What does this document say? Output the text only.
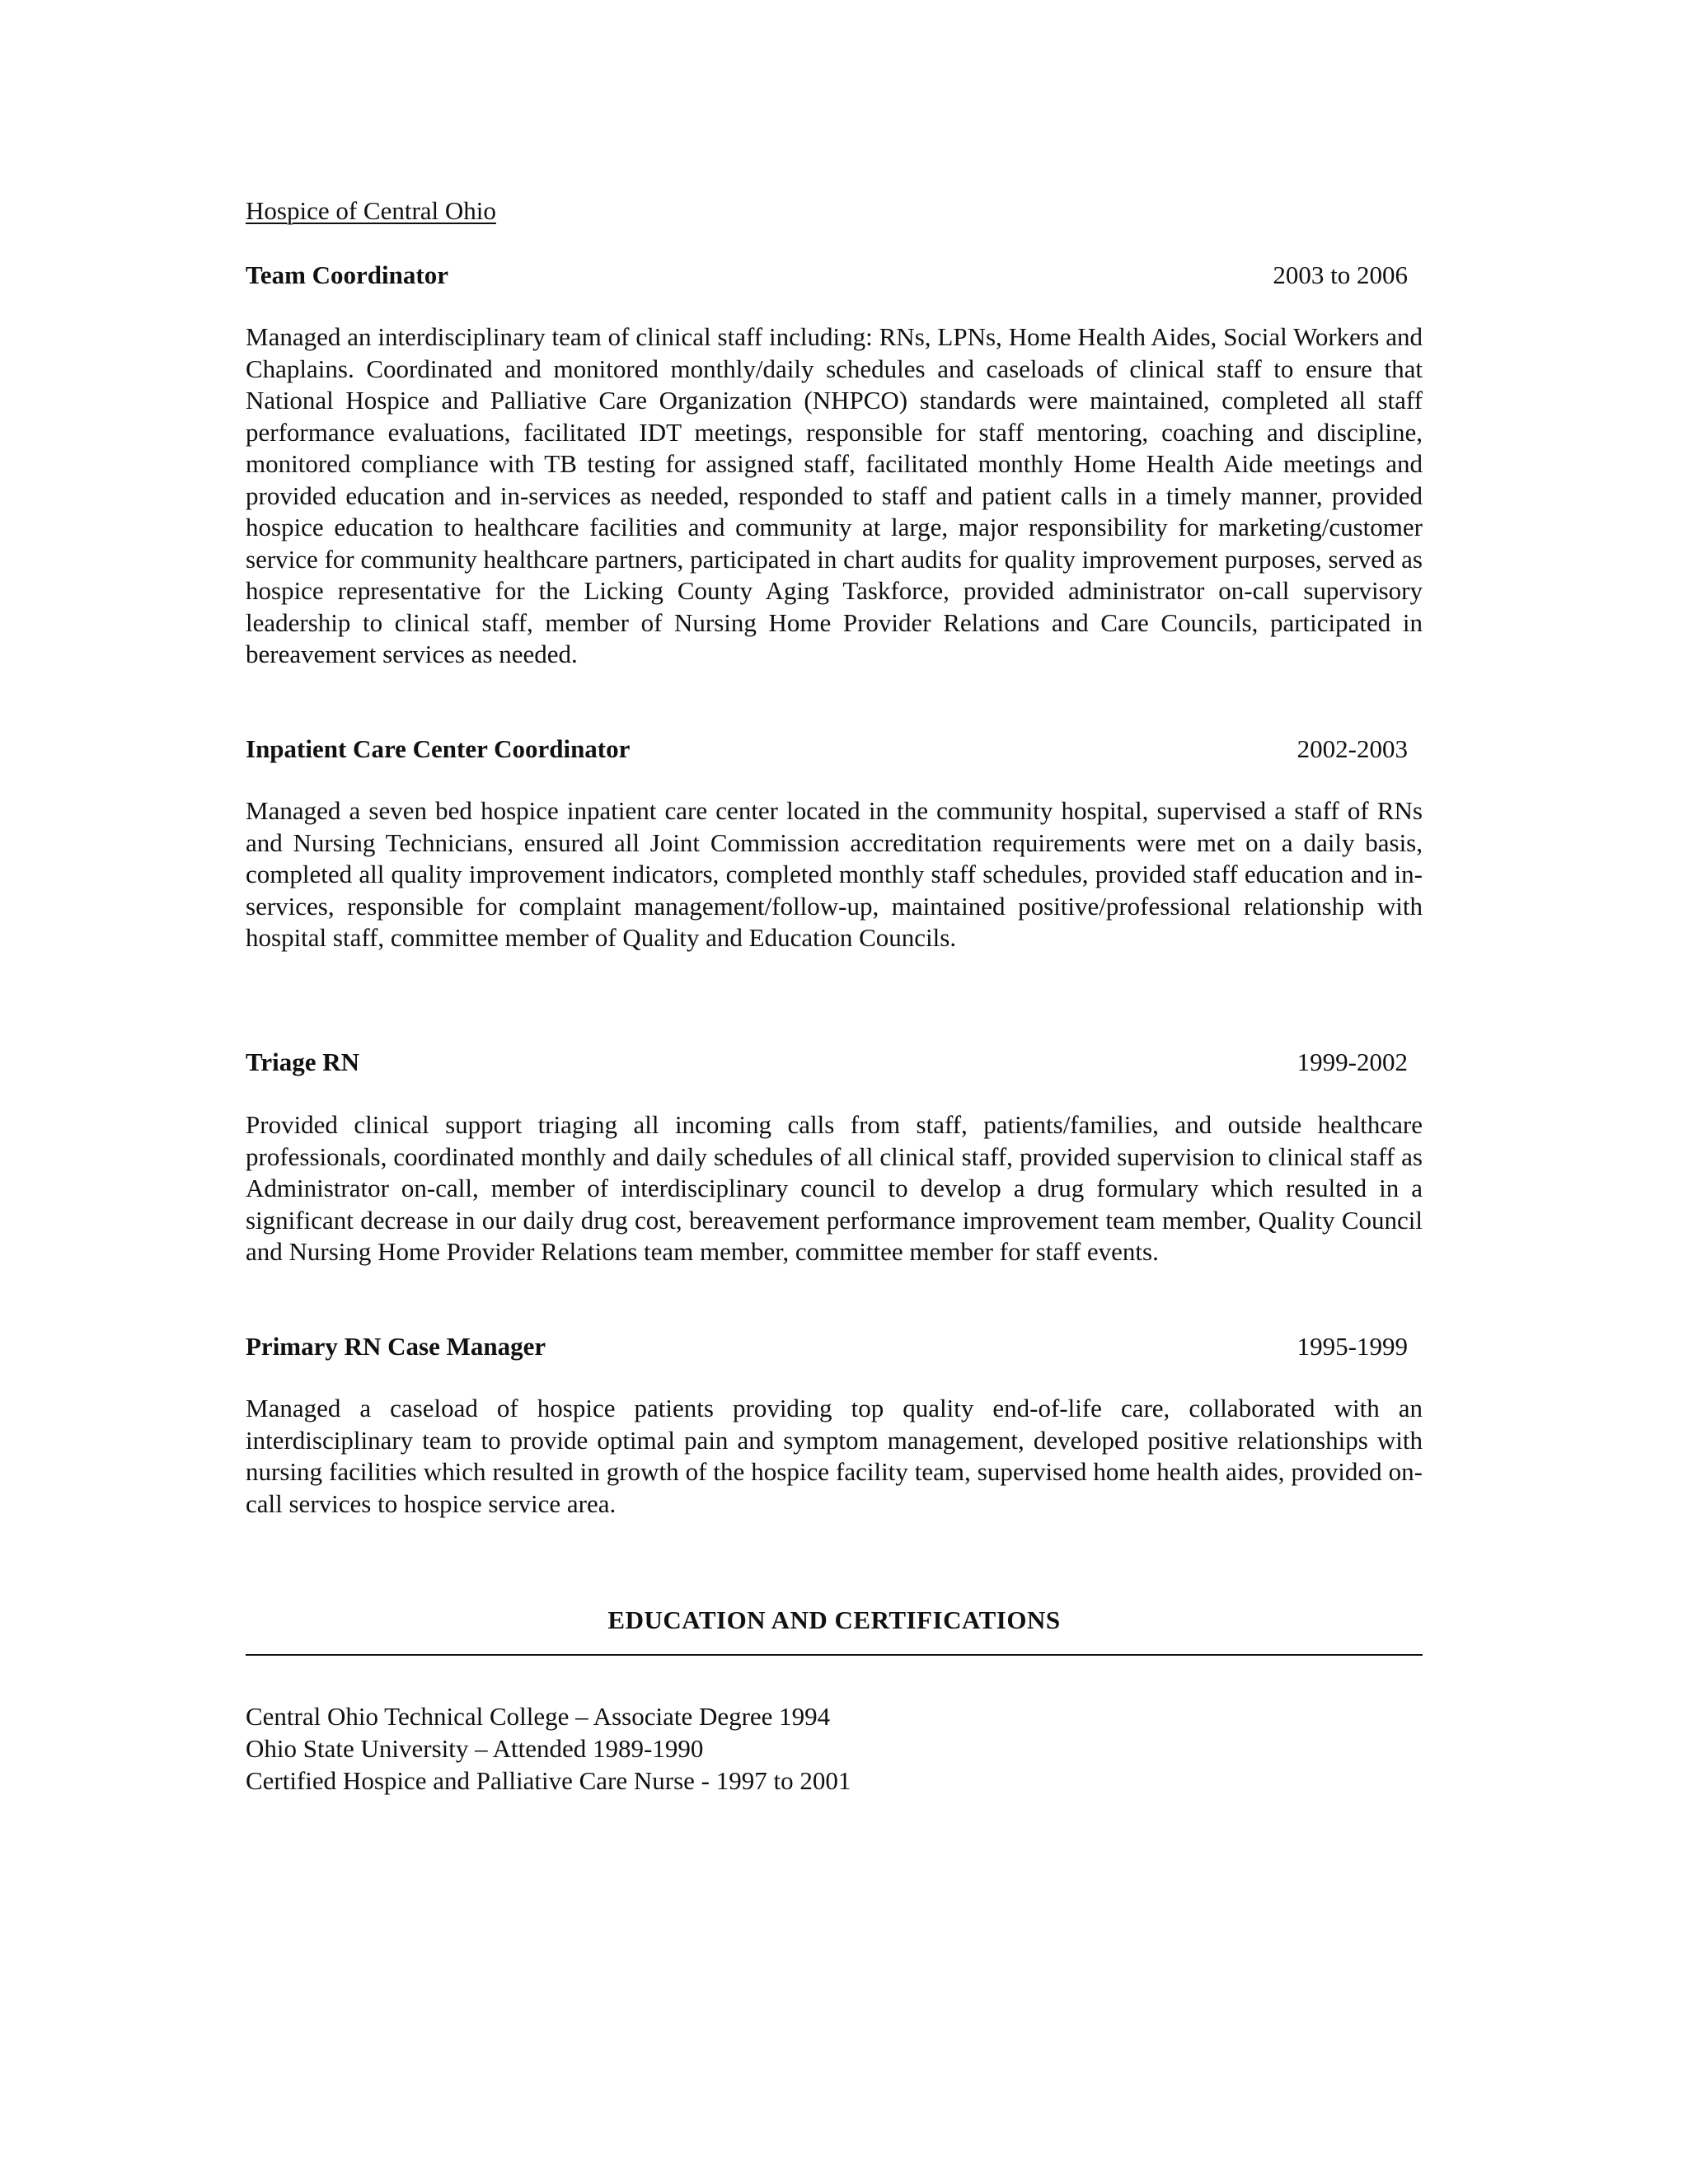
Hospice of Central Ohio
Team Coordinator	2003 to 2006

Managed an interdisciplinary team of clinical staff including: RNs, LPNs, Home Health Aides, Social Workers and Chaplains. Coordinated and monitored monthly/daily schedules and caseloads of clinical staff to ensure that National Hospice and Palliative Care Organization (NHPCO) standards were maintained, completed all staff performance evaluations, facilitated IDT meetings, responsible for staff mentoring, coaching and discipline, monitored compliance with TB testing for assigned staff, facilitated monthly Home Health Aide meetings and provided education and in-services as needed, responded to staff and patient calls in a timely manner, provided hospice education to healthcare facilities and community at large, major responsibility for marketing/customer service for community healthcare partners, participated in chart audits for quality improvement purposes, served as hospice representative for the Licking County Aging Taskforce, provided administrator on-call supervisory leadership to clinical staff, member of Nursing Home Provider Relations and Care Councils, participated in bereavement services as needed.

Inpatient Care Center Coordinator	2002-2003

Managed a seven bed hospice inpatient care center located in the community hospital, supervised a staff of RNs and Nursing Technicians, ensured all Joint Commission accreditation requirements were met on a daily basis, completed all quality improvement indicators, completed monthly staff schedules, provided staff education and in-services, responsible for complaint management/follow-up, maintained positive/professional relationship with hospital staff, committee member of Quality and Education Councils.

Triage RN	1999-2002

Provided clinical support triaging all incoming calls from staff, patients/families, and outside healthcare professionals, coordinated monthly and daily schedules of all clinical staff, provided supervision to clinical staff as Administrator on-call, member of interdisciplinary council to develop a drug formulary which resulted in a significant decrease in our daily drug cost, bereavement performance improvement team member, Quality Council and Nursing Home Provider Relations team member, committee member for staff events.

Primary RN Case Manager	1995-1999

Managed a caseload of hospice patients providing top quality end-of-life care, collaborated with an interdisciplinary team to provide optimal pain and symptom management, developed positive relationships with nursing facilities which resulted in growth of the hospice facility team, supervised home health aides, provided on-call services to hospice service area.

EDUCATION AND CERTIFICATIONS
Central Ohio Technical College – Associate Degree 1994
Ohio State University – Attended 1989-1990
Certified Hospice and Palliative Care Nurse - 1997 to 2001
